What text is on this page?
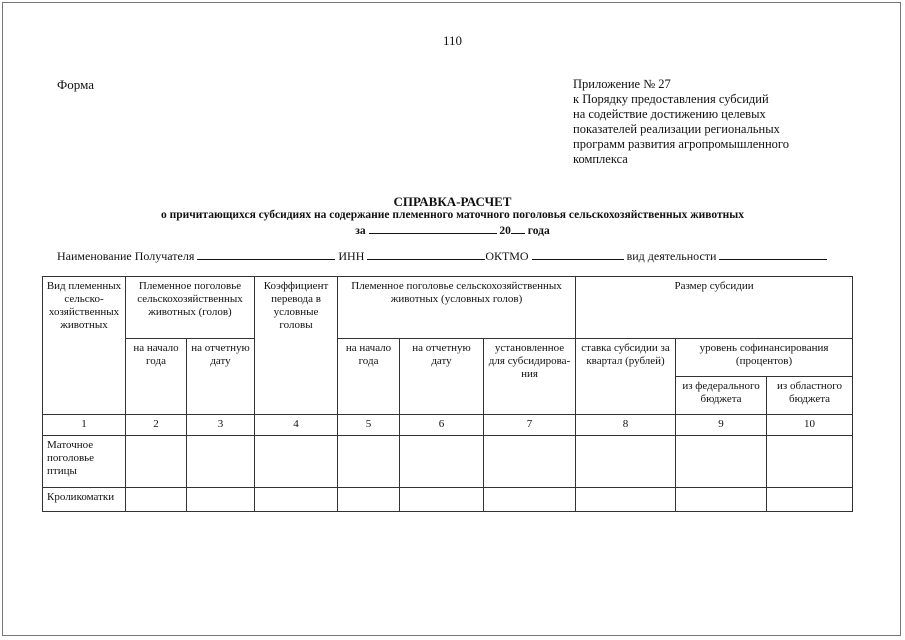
110
Форма	Приложение № 27
к Порядку предоставления субсидий
на содействие достижению целевых
показателей реализации региональных
программ развития агропромышленного
комплекса
СПРАВКА-РАСЧЕТ
о причитающихся субсидиях на содержание племенного маточного поголовья сельскохозяйственных животных
за	20 года
Наименование Получателя	ИНН	ОКТМО	вид деятельности
Вид племенных сельско-хозяйственных животных	Племенное поголовье сельскохозяйственных животных (голов)		Коэффициент перевода в условные головы	Племенное поголовье сельскохозяйственных животных (условных голов)			Размер субсидии		
	на начало года	на отчетную дату		на начало года	на отчетную дату	установленное для субсидирова-ния	ставка субсидии за квартал (рублей)	уровень софинансирования (процентов)	
								из федерального бюджета	из областного бюджета
1	2	3	4	5	6	7	8	9	10
Маточное поголовье птицы									
Кроликоматки									
